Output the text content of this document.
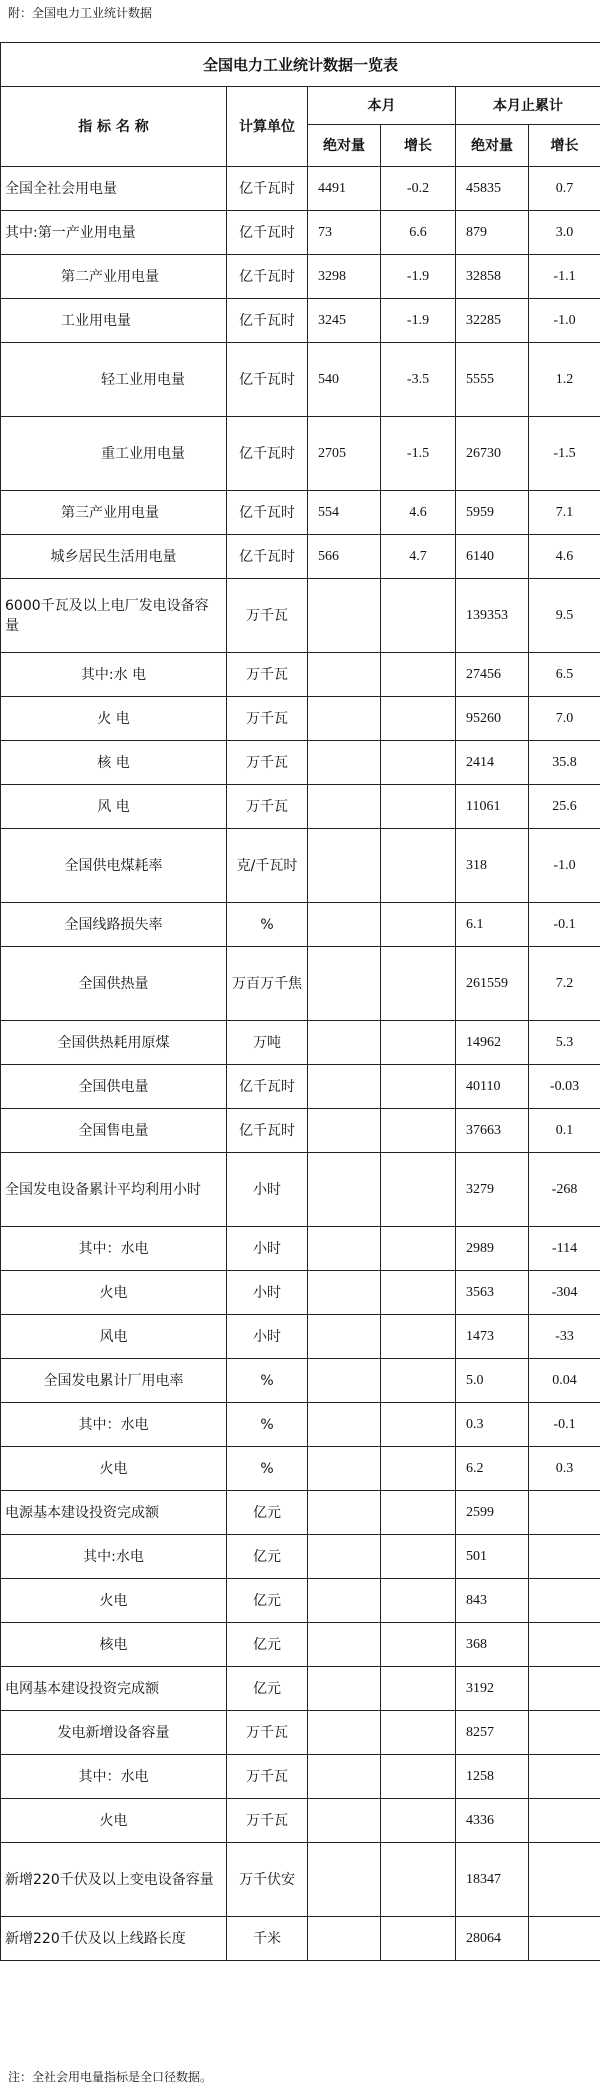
附：全国电力工业统计数据
全国电力工业统计数据一览表					
指 标 名 称	计算单位	本月		本月止累计	
		绝对量	增长	绝对量	增长
全国全社会用电量	亿千瓦时	4491	-0.2	45835	0.7
其中:第一产业用电量	亿千瓦时	73	6.6	879	3.0
第二产业用电量	亿千瓦时	3298	-1.9	32858	-1.1
工业用电量	亿千瓦时	3245	-1.9	32285	-1.0
轻工业用电量	亿千瓦时	540	-3.5	5555	1.2
重工业用电量	亿千瓦时	2705	-1.5	26730	-1.5
第三产业用电量	亿千瓦时	554	4.6	5959	7.1
城乡居民生活用电量	亿千瓦时	566	4.7	6140	4.6
6000千瓦及以上电厂发电设备容量	万千瓦			139353	9.5
其中:水 电	万千瓦			27456	6.5
火 电	万千瓦			95260	7.0
核 电	万千瓦			2414	35.8
风 电	万千瓦			11061	25.6
全国供电煤耗率	克/千瓦时			318	-1.0
全国线路损失率	%			6.1	-0.1
全国供热量	万百万千焦			261559	7.2
全国供热耗用原煤	万吨			14962	5.3
全国供电量	亿千瓦时			40110	-0.03
全国售电量	亿千瓦时			37663	0.1
全国发电设备累计平均利用小时	小时			3279	-268
其中：水电	小时			2989	-114
火电	小时			3563	-304
风电	小时			1473	-33
全国发电累计厂用电率	%			5.0	0.04
其中：水电	%			0.3	-0.1
火电	%			6.2	0.3
电源基本建设投资完成额	亿元			2599	
其中:水电	亿元			501	
火电	亿元			843	
核电	亿元			368	
电网基本建设投资完成额	亿元			3192	
发电新增设备容量	万千瓦			8257	
其中：水电	万千瓦			1258	
火电	万千瓦			4336	
新增220千伏及以上变电设备容量	万千伏安			18347	
新增220千伏及以上线路长度	千米			28064	
注：全社会用电量指标是全口径数据。
